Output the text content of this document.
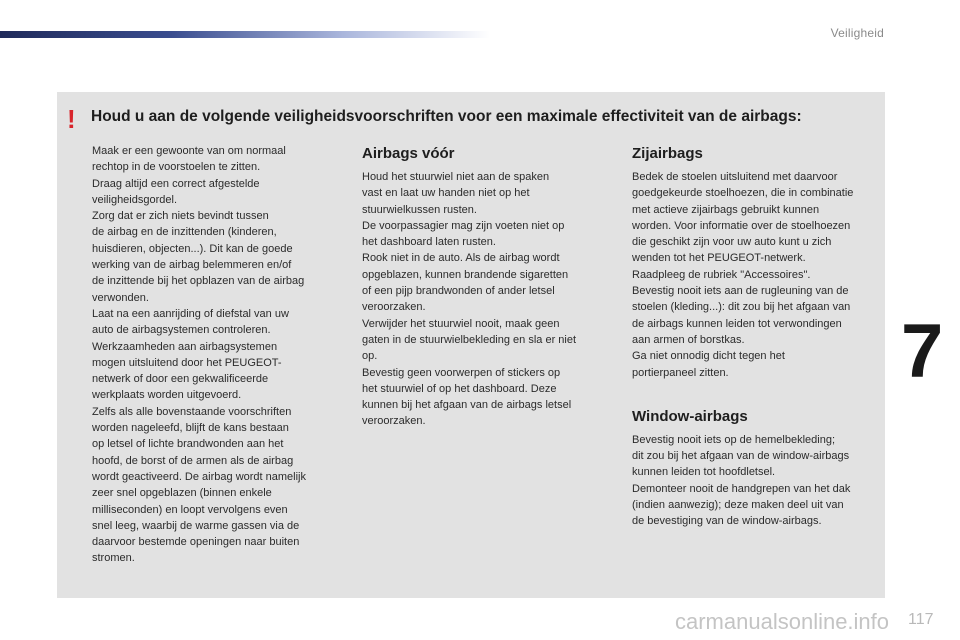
Veiligheid
! Houd u aan de volgende veiligheidsvoorschriften voor een maximale effectiviteit van de airbags:

Maak er een gewoonte van om normaal

rechtop in de voorstoelen te zitten.

Draag altijd een correct afgestelde

veiligheidsgordel.

Zorg dat er zich niets bevindt tussen

de airbag en de inzittenden (kinderen,

huisdieren, objecten...). Dit kan de goede

werking van de airbag belemmeren en/of

de inzittende bij het opblazen van de airbag

verwonden.

Laat na een aanrijding of diefstal van uw

auto de airbagsystemen controleren.

Werkzaamheden aan airbagsystemen

mogen uitsluitend door het PEUGEOT-

netwerk of door een gekwalificeerde

werkplaats worden uitgevoerd.

Zelfs als alle bovenstaande voorschriften

worden nageleefd, blijft de kans bestaan

op letsel of lichte brandwonden aan het

hoofd, de borst of de armen als de airbag

wordt geactiveerd. De airbag wordt namelijk

zeer snel opgeblazen (binnen enkele

milliseconden) en loopt vervolgens even

snel leeg, waarbij de warme gassen via de

daarvoor bestemde openingen naar buiten

stromen.

Airbags vóór

Houd het stuurwiel niet aan de spaken

vast en laat uw handen niet op het

stuurwielkussen rusten.

De voorpassagier mag zijn voeten niet op

het dashboard laten rusten.

Rook niet in de auto. Als de airbag wordt

opgeblazen, kunnen brandende sigaretten

of een pijp brandwonden of ander letsel

veroorzaken.

Verwijder het stuurwiel nooit, maak geen

gaten in de stuurwielbekleding en sla er niet

op.

Bevestig geen voorwerpen of stickers op

het stuurwiel of op het dashboard. Deze

kunnen bij het afgaan van de airbags letsel

veroorzaken.

Zijairbags

Bedek de stoelen uitsluitend met daarvoor

goedgekeurde stoelhoezen, die in combinatie

met actieve zijairbags gebruikt kunnen

worden. Voor informatie over de stoelhoezen

die geschikt zijn voor uw auto kunt u zich

wenden tot het PEUGEOT-netwerk.

Raadpleeg de rubriek "Accessoires".

Bevestig nooit iets aan de rugleuning van de

stoelen (kleding...): dit zou bij het afgaan van

de airbags kunnen leiden tot verwondingen

aan armen of borstkas.

Ga niet onnodig dicht tegen het

portierpaneel zitten.

Window-airbags

Bevestig nooit iets op de hemelbekleding;

dit zou bij het afgaan van de window-airbags

kunnen leiden tot hoofdletsel.

Demonteer nooit de handgrepen van het dak

(indien aanwezig); deze maken deel uit van

de bevestiging van de window-airbags.

7
carmanualsonline.info 117
